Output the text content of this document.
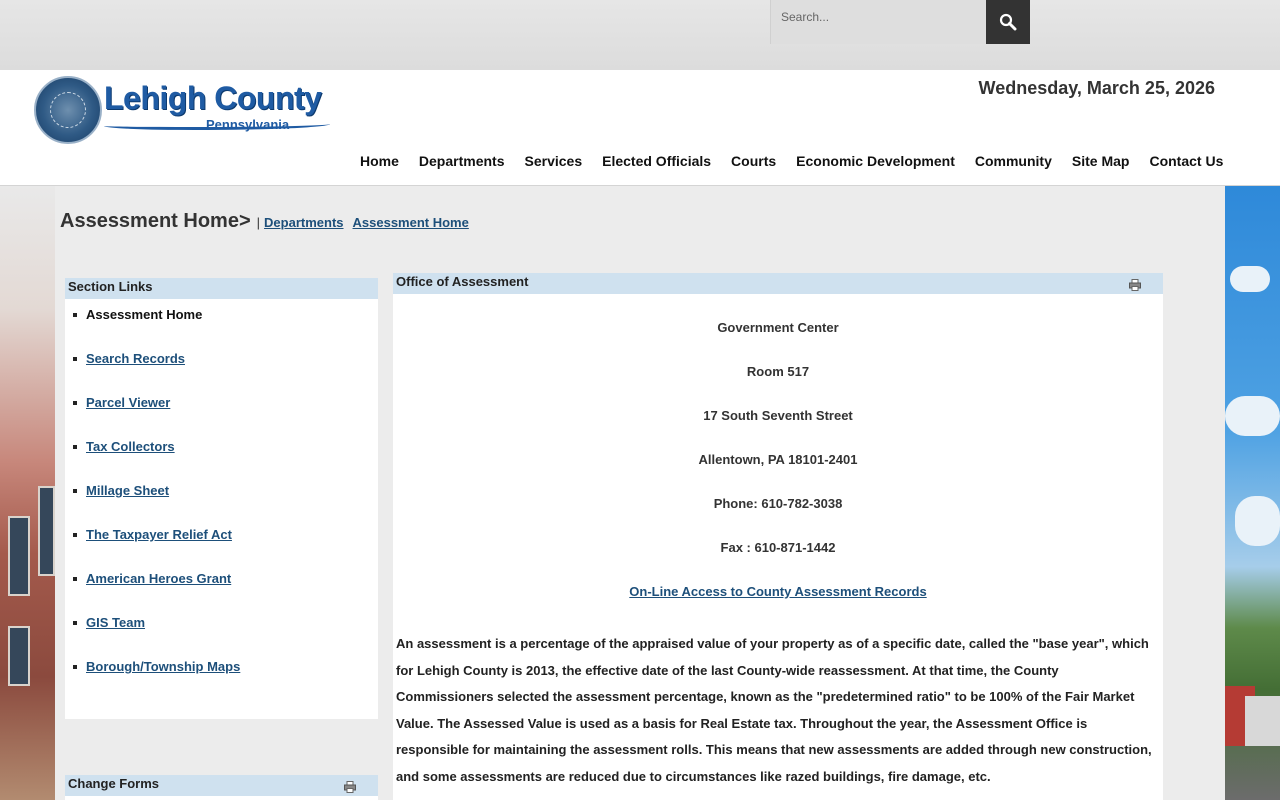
Search...
Lehigh County
Pennsylvania
Wednesday, March 25, 2026
Home	Departments	Services	Elected Officials	Courts	Economic Development	Community	Site Map	Contact Us
Assessment Home> | Departments Assessment Home
Section Links
Assessment Home
Search Records
Parcel Viewer
Tax Collectors
Millage Sheet
The Taxpayer Relief Act
American Heroes Grant
GIS Team
Borough/Township Maps
Change Forms
Office of Assessment
Government Center
Room 517
17 South Seventh Street
Allentown, PA 18101-2401
Phone: 610-782-3038
Fax : 610-871-1442
On-Line Access to County Assessment Records
An assessment is a percentage of the appraised value of your property as of a specific date, called the "base year", which for Lehigh County is 2013, the effective date of the last County-wide reassessment. At that time, the County Commissioners selected the assessment percentage, known as the "predetermined ratio" to be 100% of the Fair Market Value. The Assessed Value is used as a basis for Real Estate tax. Throughout the year, the Assessment Office is responsible for maintaining the assessment rolls. This means that new assessments are added through new construction, and some assessments are reduced due to circumstances like razed buildings, fire damage, etc.
